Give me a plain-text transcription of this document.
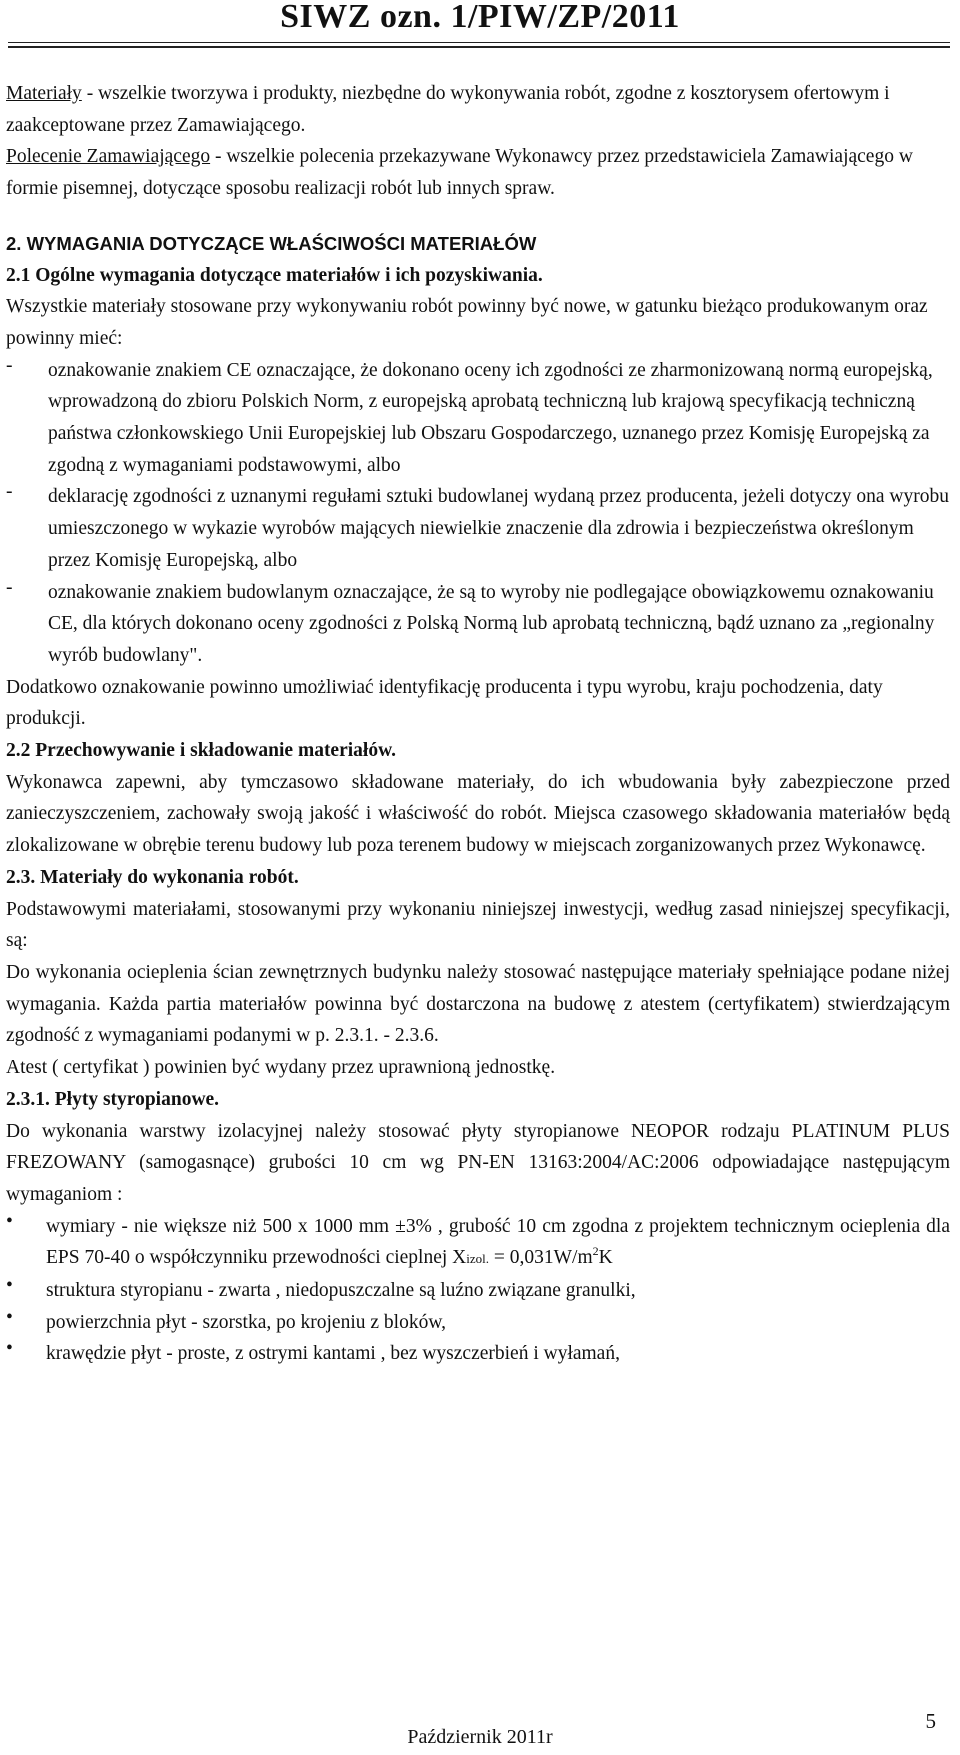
SIWZ ozn. 1/PIW/ZP/2011

Materiały - wszelkie tworzywa i produkty, niezbędne do wykonywania robót, zgodne z kosztorysem ofertowym i zaakceptowane przez Zamawiającego.

Polecenie Zamawiającego - wszelkie polecenia przekazywane Wykonawcy przez przedstawiciela Zamawiającego w formie pisemnej, dotyczące sposobu realizacji robót lub innych spraw.

2. WYMAGANIA DOTYCZĄCE WŁAŚCIWOŚCI MATERIAŁÓW
2.1 Ogólne wymagania dotyczące materiałów i ich pozyskiwania.

Wszystkie materiały stosowane przy wykonywaniu robót powinny być nowe, w gatunku bieżąco produkowanym oraz powinny mieć:

-	oznakowanie znakiem CE oznaczające, że dokonano oceny ich zgodności ze zharmonizowaną normą europejską, wprowadzoną do zbioru Polskich Norm, z europejską aprobatą techniczną lub krajową specyfikacją techniczną państwa członkowskiego Unii Europejskiej lub Obszaru Gospodarczego, uznanego przez Komisję Europejską za zgodną z wymaganiami podstawowymi, albo
-	deklarację zgodności z uznanymi regułami sztuki budowlanej wydaną przez producenta, jeżeli dotyczy ona wyrobu umieszczonego w wykazie wyrobów mających niewielkie znaczenie dla zdrowia i bezpieczeństwa określonym przez Komisję Europejską, albo
-	oznakowanie znakiem budowlanym oznaczające, że są to wyroby nie podlegające obowiązkowemu oznakowaniu CE, dla których dokonano oceny zgodności z Polską Normą lub aprobatą techniczną, bądź uznano za „regionalny wyrób budowlany".

Dodatkowo oznakowanie powinno umożliwiać identyfikację producenta i typu wyrobu, kraju pochodzenia, daty produkcji.

2.2 Przechowywanie i składowanie materiałów.

Wykonawca zapewni, aby tymczasowo składowane materiały, do ich wbudowania były zabezpieczone przed zanieczyszczeniem, zachowały swoją jakość i właściwość do robót. Miejsca czasowego składowania materiałów będą zlokalizowane w obrębie terenu budowy lub poza terenem budowy w miejscach zorganizowanych przez Wykonawcę.

2.3. Materiały do wykonania robót.

Podstawowymi materiałami, stosowanymi przy wykonaniu niniejszej inwestycji, według zasad niniejszej specyfikacji, są:

Do wykonania ocieplenia ścian zewnętrznych budynku należy stosować następujące materiały spełniające podane niżej wymagania. Każda partia materiałów powinna być dostarczona na budowę z atestem (certyfikatem) stwierdzającym zgodność z wymaganiami podanymi w p. 2.3.1. - 2.3.6.

Atest ( certyfikat ) powinien być wydany przez uprawnioną jednostkę.

2.3.1. Płyty styropianowe.

Do wykonania warstwy izolacyjnej należy stosować płyty styropianowe NEOPOR rodzaju PLATINUM PLUS FREZOWANY (samogasnące) grubości 10 cm wg PN-EN 13163:2004/AC:2006 odpowiadające następującym wymaganiom :

•	wymiary - nie większe niż 500 x 1000 mm ±3% , grubość 10 cm zgodna z projektem technicznym ocieplenia dla EPS 70-40 o współczynniku przewodności cieplnej Xizol. = $0,031W/m^2K$
•	struktura styropianu - zwarta , niedopuszczalne są luźno związane granulki,
•	powierzchnia płyt - szorstka, po krojeniu z bloków,
•	krawędzie płyt - proste, z ostrymi kantami , bez wyszczerbień i wyłamań,
5
Październik 2011r
